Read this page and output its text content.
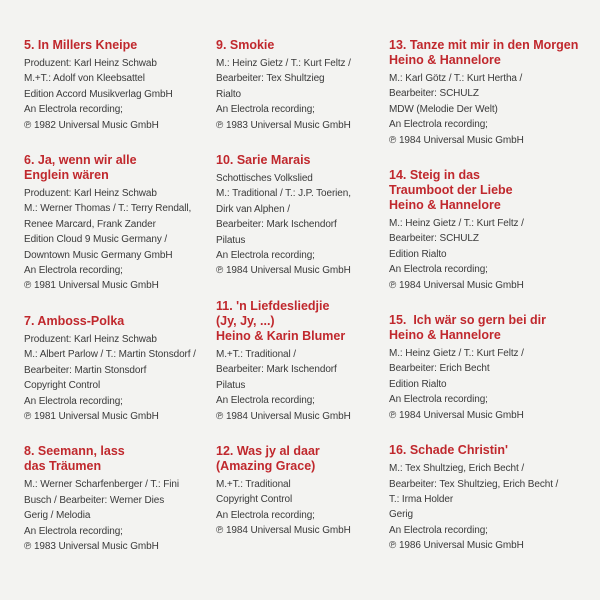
5. In Millers Kneipe
Produzent: Karl Heinz Schwab
M.+T.: Adolf von Kleebsattel
Edition Accord Musikverlag GmbH
An Electrola recording;
℗ 1982 Universal Music GmbH
6. Ja, wenn wir alle Englein wären
Produzent: Karl Heinz Schwab
M.: Werner Thomas / T.: Terry Rendall,
Renee Marcard, Frank Zander
Edition Cloud 9 Music Germany /
Downtown Music Germany GmbH
An Electrola recording;
℗ 1981 Universal Music GmbH
7. Amboss-Polka
Produzent: Karl Heinz Schwab
M.: Albert Parlow / T.: Martin Stonsdorf /
Bearbeiter: Martin Stonsdorf
Copyright Control
An Electrola recording;
℗ 1981 Universal Music GmbH
8. Seemann, lass das Träumen
M.: Werner Scharfenberger / T.: Fini
Busch / Bearbeiter: Werner Dies
Gerig / Melodia
An Electrola recording;
℗ 1983 Universal Music GmbH
9. Smokie
M.: Heinz Gietz / T.: Kurt Feltz /
Bearbeiter: Tex Shultzieg
Rialto
An Electrola recording;
℗ 1983 Universal Music GmbH
10. Sarie Marais
Schottisches Volkslied
M.: Traditional / T.: J.P. Toerien,
Dirk van Alphen /
Bearbeiter: Mark Ischendorf
Pilatus
An Electrola recording;
℗ 1984 Universal Music GmbH
11. 'n Liefdesliedjie (Jy, Jy, ...)
Heino & Karin Blumer
M.+T.: Traditional /
Bearbeiter: Mark Ischendorf
Pilatus
An Electrola recording;
℗ 1984 Universal Music GmbH
12. Was jy al daar (Amazing Grace)
M.+T.: Traditional
Copyright Control
An Electrola recording;
℗ 1984 Universal Music GmbH
13. Tanze mit mir in den Morgen
Heino & Hannelore
M.: Karl Götz / T.: Kurt Hertha /
Bearbeiter: SCHULZ
MDW (Melodie Der Welt)
An Electrola recording;
℗ 1984 Universal Music GmbH
14. Steig in das Traumboot der Liebe
Heino & Hannelore
M.: Heinz Gietz / T.: Kurt Feltz /
Bearbeiter: SCHULZ
Edition Rialto
An Electrola recording;
℗ 1984 Universal Music GmbH
15.  Ich wär so gern bei dir
Heino & Hannelore
M.: Heinz Gietz / T.: Kurt Feltz /
Bearbeiter: Erich Becht
Edition Rialto
An Electrola recording;
℗ 1984 Universal Music GmbH
16. Schade Christin'
M.: Tex Shultzieg, Erich Becht /
Bearbeiter: Tex Shultzieg, Erich Becht /
T.: Irma Holder
Gerig
An Electrola recording;
℗ 1986 Universal Music GmbH
